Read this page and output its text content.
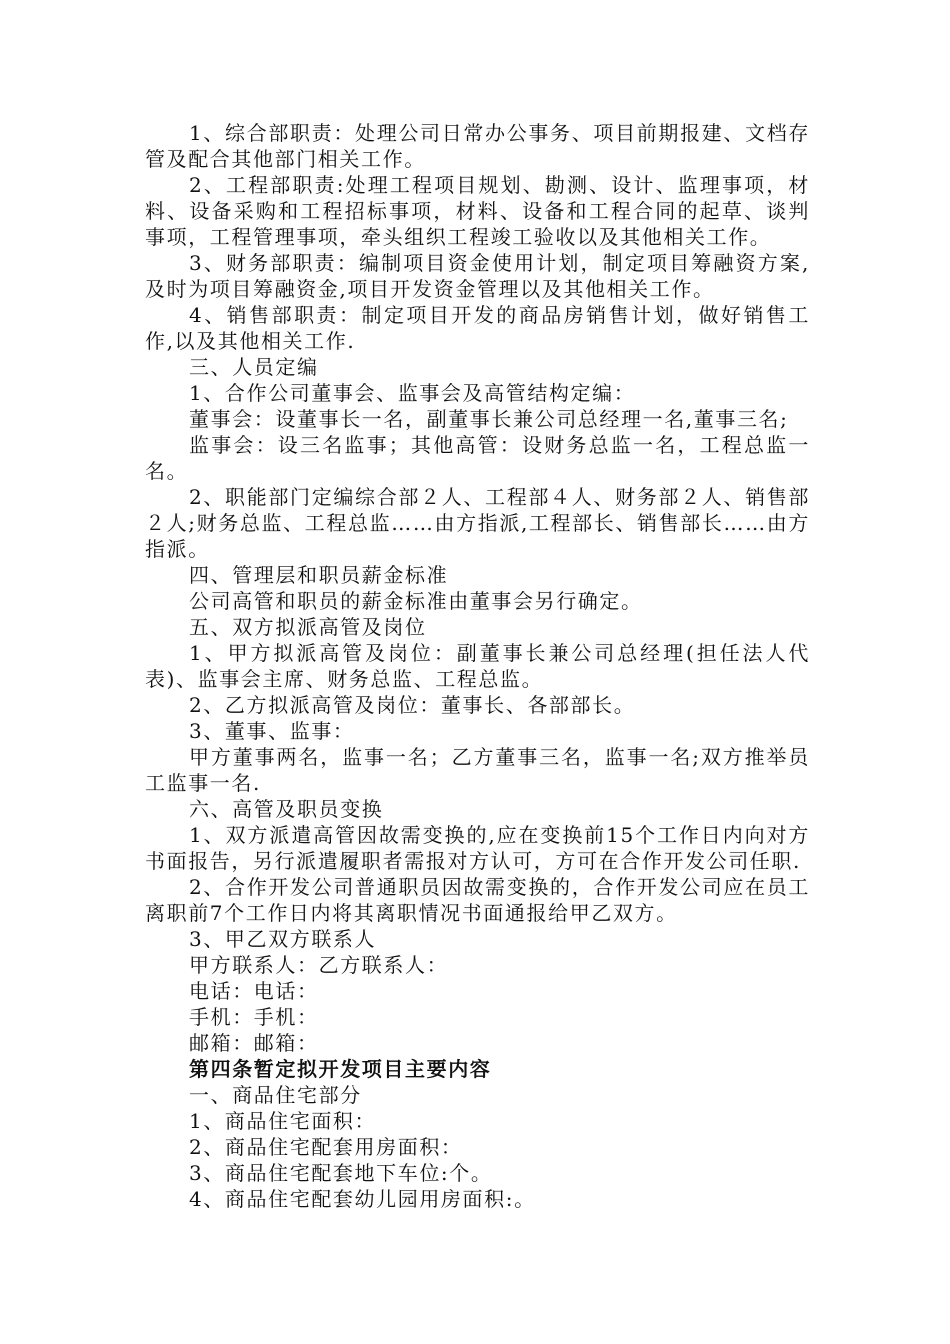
1、综合部职责：处理公司日常办公事务、项目前期报建、文档存管及配合其他部门相关工作。

2、工程部职责:处理工程项目规划、勘测、设计、监理事项，材料、设备采购和工程招标事项，材料、设备和工程合同的起草、谈判事项，工程管理事项，牵头组织工程竣工验收以及其他相关工作。

3、财务部职责：编制项目资金使用计划，制定项目筹融资方案,及时为项目筹融资金,项目开发资金管理以及其他相关工作。

4、销售部职责：制定项目开发的商品房销售计划，做好销售工作,以及其他相关工作.

三、人员定编

1、合作公司董事会、监事会及高管结构定编：

董事会：设董事长一名，副董事长兼公司总经理一名,董事三名;

监事会：设三名监事；其他高管：设财务总监一名，工程总监一名。

2、职能部门定编综合部２人、工程部４人、财务部２人、销售部２人;财务总监、工程总监……由方指派,工程部长、销售部长……由方指派。

四、管理层和职员薪金标准

公司高管和职员的薪金标准由董事会另行确定。

五、双方拟派高管及岗位

1、甲方拟派高管及岗位：副董事长兼公司总经理(担任法人代表)、监事会主席、财务总监、工程总监。

2、乙方拟派高管及岗位：董事长、各部部长。

3、董事、监事：

甲方董事两名，监事一名；乙方董事三名，监事一名;双方推举员工监事一名.

六、高管及职员变换

1、双方派遣高管因故需变换的,应在变换前15个工作日内向对方书面报告，另行派遣履职者需报对方认可，方可在合作开发公司任职.

2、合作开发公司普通职员因故需变换的，合作开发公司应在员工离职前7个工作日内将其离职情况书面通报给甲乙双方。

3、甲乙双方联系人

甲方联系人：乙方联系人：

电话：电话：

手机：手机：

邮箱：邮箱：

第四条暂定拟开发项目主要内容

一、商品住宅部分

1、商品住宅面积：

2、商品住宅配套用房面积：

3、商品住宅配套地下车位:个。

4、商品住宅配套幼儿园用房面积:。
